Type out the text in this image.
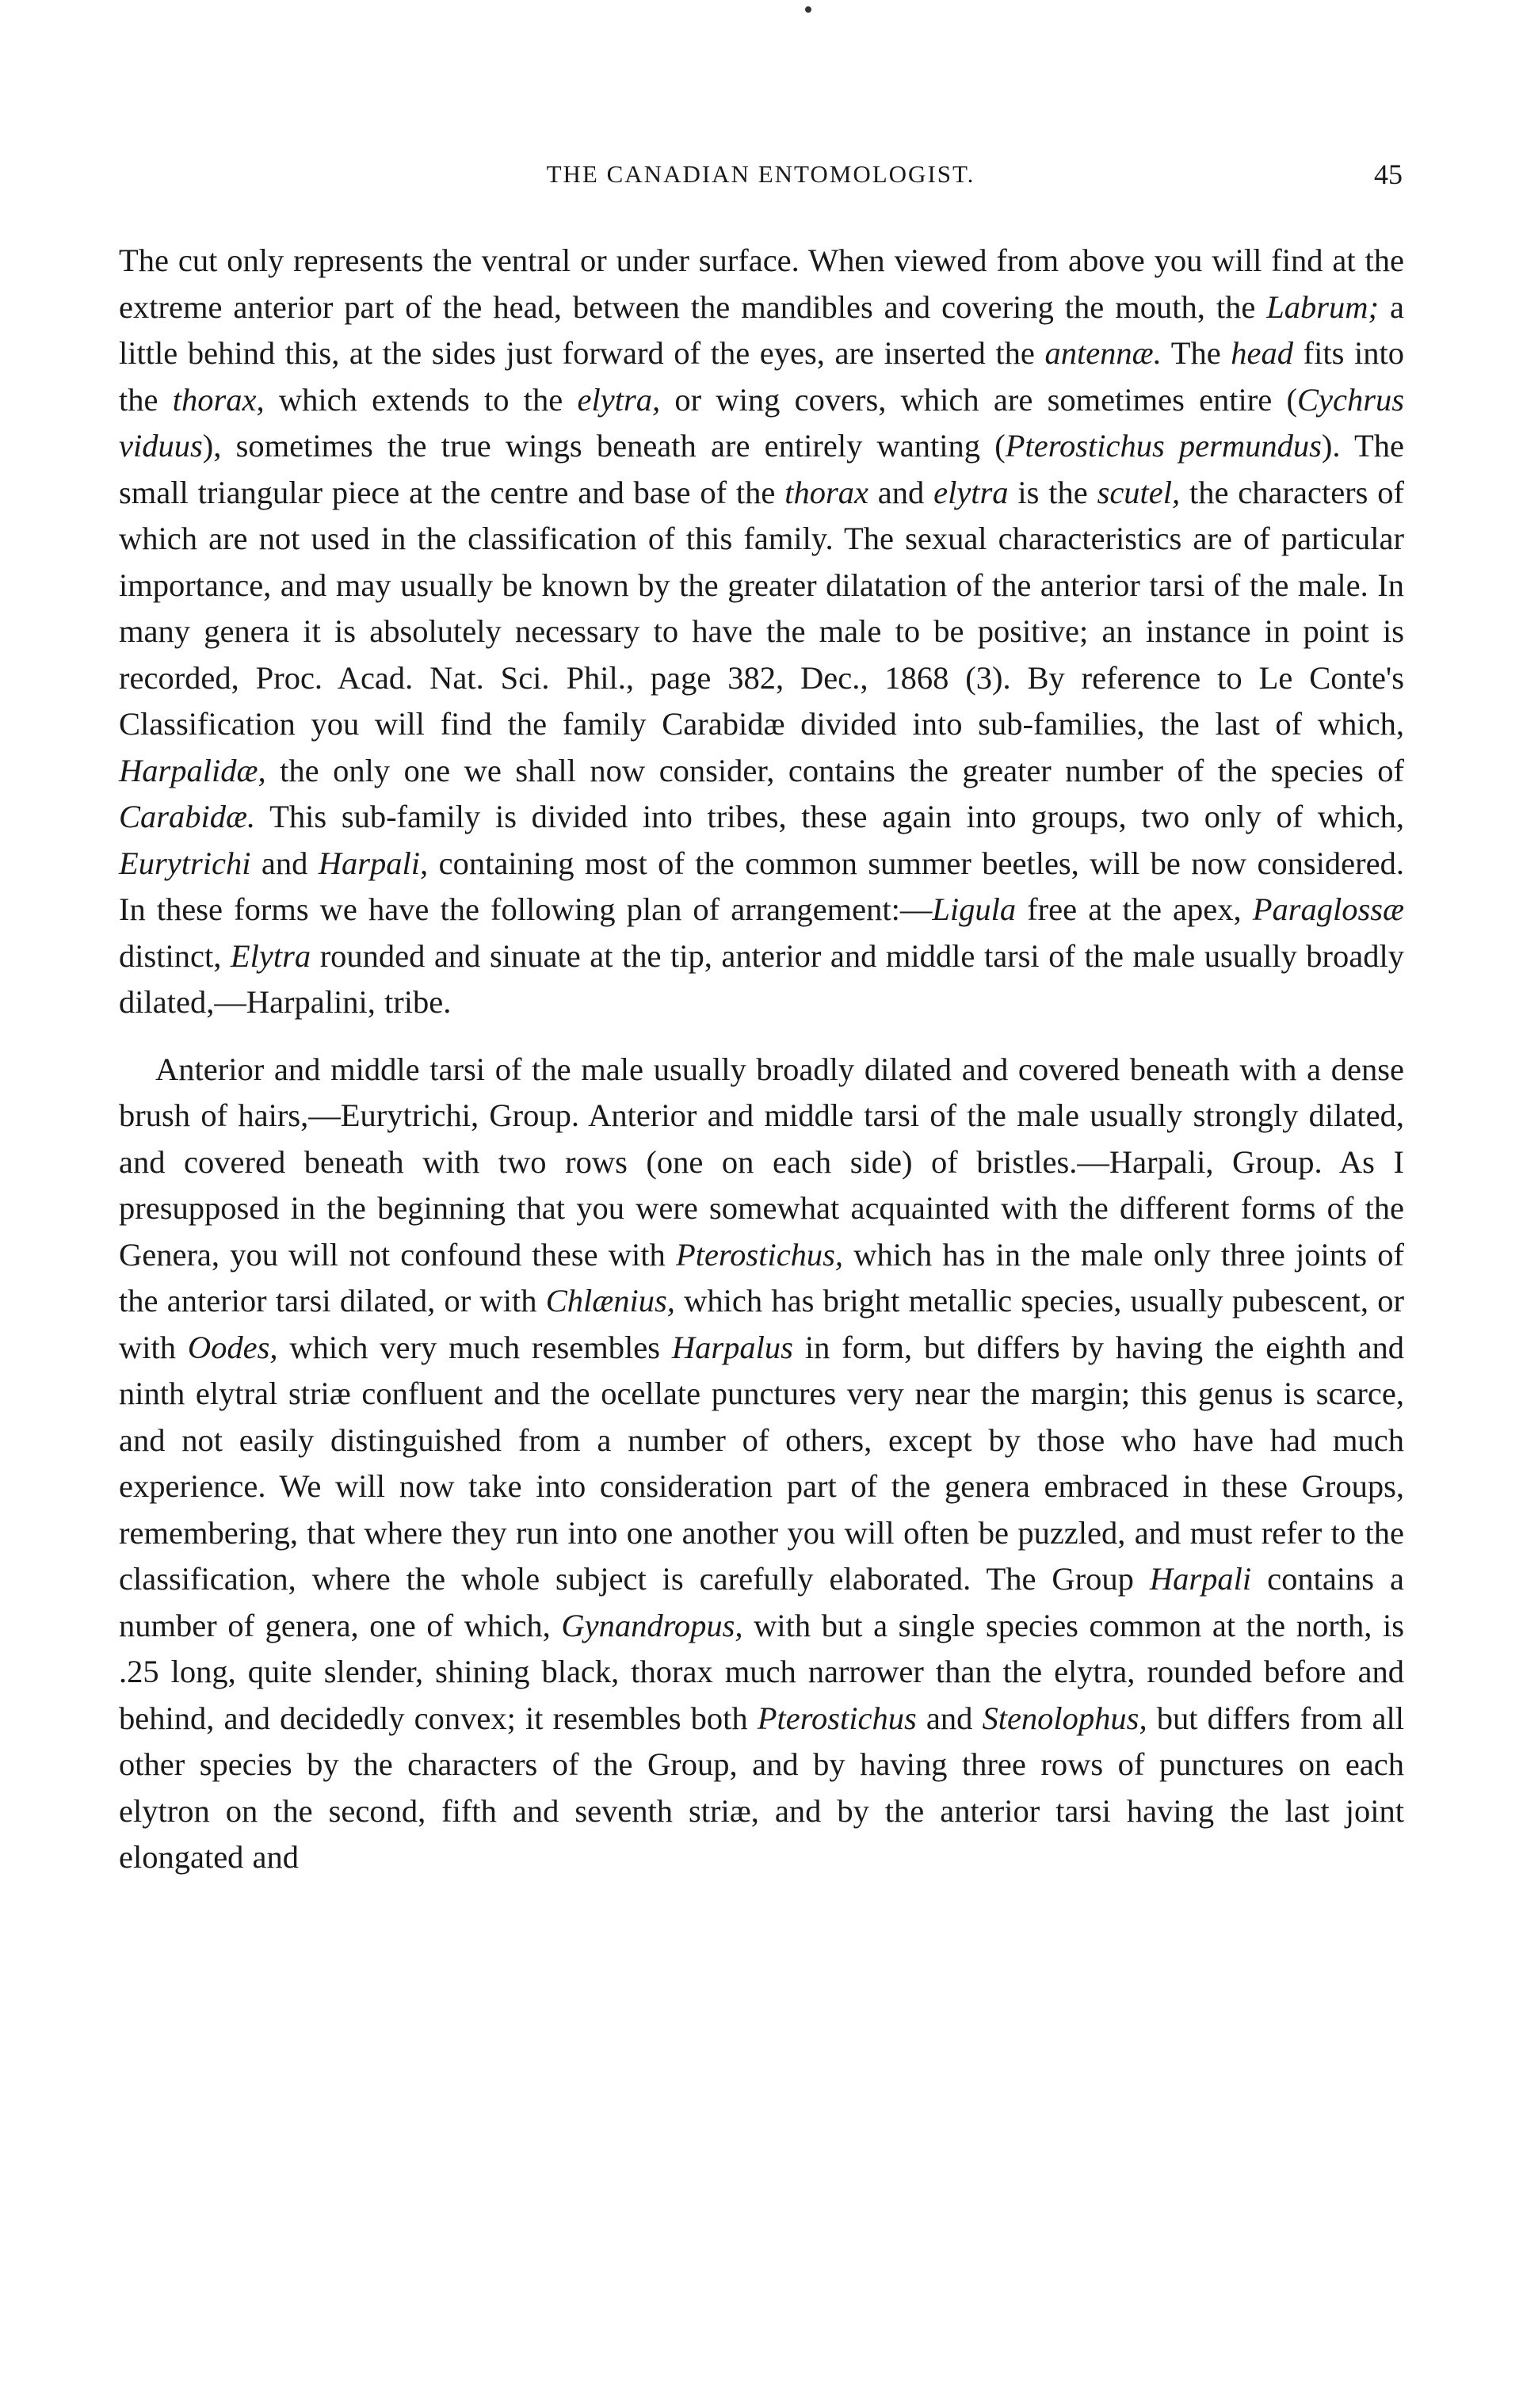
THE CANADIAN ENTOMOLOGIST.	45

The cut only represents the ventral or under surface. When viewed from above you will find at the extreme anterior part of the head, between the mandibles and covering the mouth, the Labrum; a little behind this, at the sides just forward of the eyes, are inserted the antennæ. The head fits into the thorax, which extends to the elytra, or wing covers, which are sometimes entire (Cychrus viduus), sometimes the true wings beneath are entirely wanting (Pterostichus permundus). The small triangular piece at the centre and base of the thorax and elytra is the scutel, the characters of which are not used in the classification of this family. The sexual characteristics are of particular importance, and may usually be known by the greater dilatation of the anterior tarsi of the male. In many genera it is absolutely necessary to have the male to be positive; an instance in point is recorded, Proc. Acad. Nat. Sci. Phil., page 382, Dec., 1868 (3). By reference to Le Conte's Classification you will find the family Carabidæ divided into sub-families, the last of which, Harpalidæ, the only one we shall now consider, contains the greater number of the species of Carabidæ. This sub-family is divided into tribes, these again into groups, two only of which, Eurytrichi and Harpali, containing most of the common summer beetles, will be now considered. In these forms we have the following plan of arrangement:—Ligula free at the apex, Paraglossæ distinct, Elytra rounded and sinuate at the tip, anterior and middle tarsi of the male usually broadly dilated,—Harpalini, tribe.

Anterior and middle tarsi of the male usually broadly dilated and covered beneath with a dense brush of hairs,—Eurytrichi, Group. Anterior and middle tarsi of the male usually strongly dilated, and covered beneath with two rows (one on each side) of bristles.—Harpali, Group. As I presupposed in the beginning that you were somewhat acquainted with the different forms of the Genera, you will not confound these with Pterostichus, which has in the male only three joints of the anterior tarsi dilated, or with Chlænius, which has bright metallic species, usually pubescent, or with Oodes, which very much resembles Harpalus in form, but differs by having the eighth and ninth elytral striæ confluent and the ocellate punctures very near the margin; this genus is scarce, and not easily distinguished from a number of others, except by those who have had much experience. We will now take into consideration part of the genera embraced in these Groups, remembering, that where they run into one another you will often be puzzled, and must refer to the classification, where the whole subject is carefully elaborated. The Group Harpali contains a number of genera, one of which, Gynandropus, with but a single species common at the north, is .25 long, quite slender, shining black, thorax much narrower than the elytra, rounded before and behind, and decidedly convex; it resembles both Pterostichus and Stenolophus, but differs from all other species by the characters of the Group, and by having three rows of punctures on each elytron on the second, fifth and seventh striæ, and by the anterior tarsi having the last joint elongated and
